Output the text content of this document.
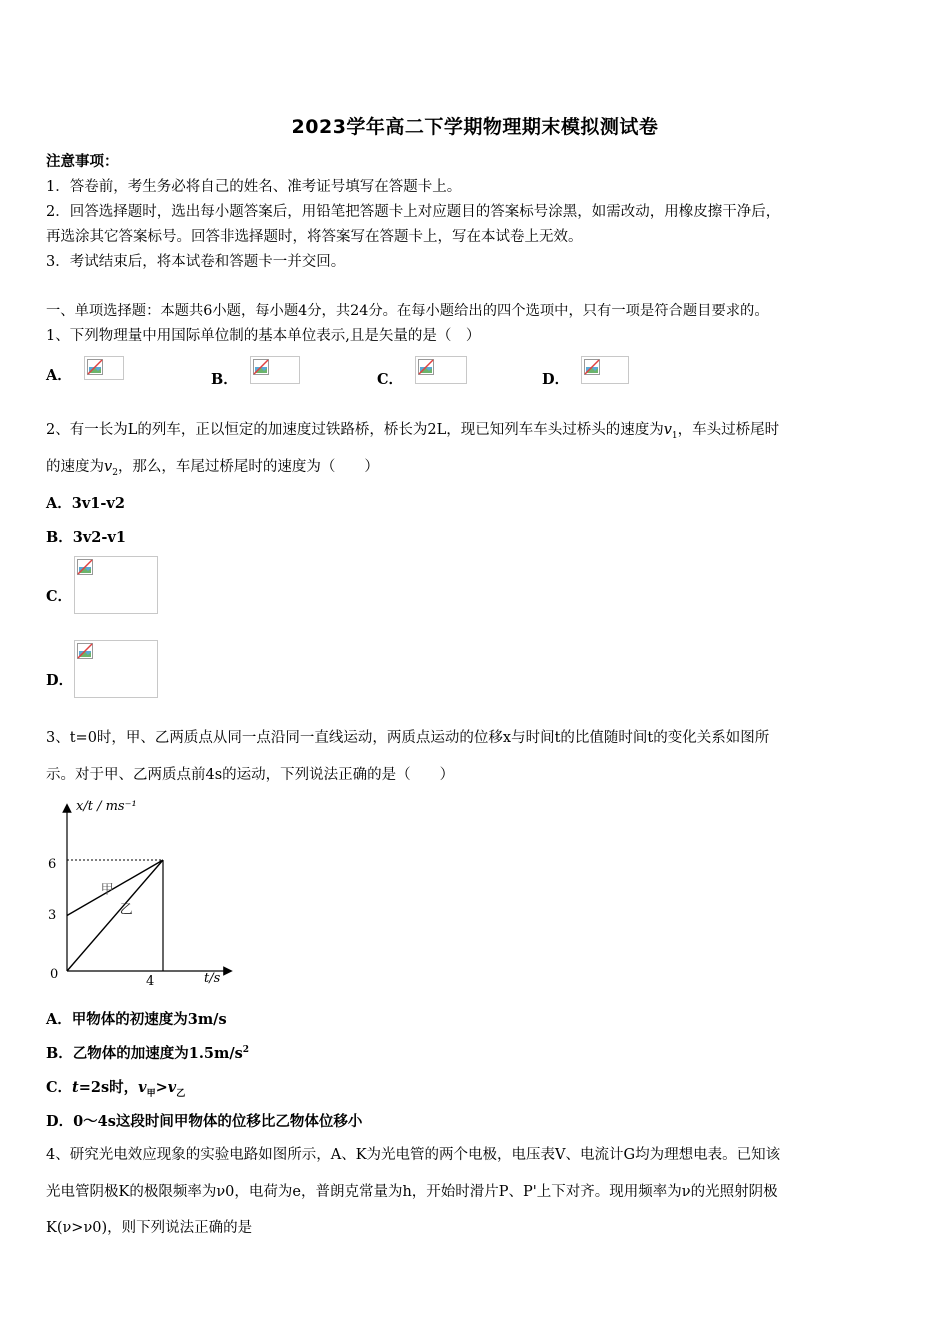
2023学年高二下学期物理期末模拟测试卷
注意事项：
1．答卷前，考生务必将自己的姓名、准考证号填写在答题卡上。
2．回答选择题时，选出每小题答案后，用铅笔把答题卡上对应题目的答案标号涂黑，如需改动，用橡皮擦干净后，
再选涂其它答案标号。回答非选择题时，将答案写在答题卡上，写在本试卷上无效。
3．考试结束后，将本试卷和答题卡一并交回。
一、单项选择题：本题共6小题，每小题4分，共24分。在每小题给出的四个选项中，只有一项是符合题目要求的。
1、下列物理量中用国际单位制的基本单位表示,且是矢量的是（　）
A．	B．	C．	D．
2、有一长为L的列车，正以恒定的加速度过铁路桥，桥长为2L，现已知列车车头过桥头的速度为$v_1$，车头过桥尾时
的速度为$v_2$，那么，车尾过桥尾时的速度为（　　）
A．3v1-v2
B．3v2-v1
C．
D．
3、t=0时，甲、乙两质点从同一点沿同一直线运动，两质点运动的位移x与时间t的比值随时间t的变化关系如图所
示。对于甲、乙两质点前4s的运动，下列说法正确的是（　　）
x/t / ms⁻¹
t/s
6
3
0	4
甲
乙
A．甲物体的初速度为3m/s
B．乙物体的加速度为$1.5m/s^2$
C．t=2s时，$v_甲>v_乙$
D．0～4s这段时间甲物体的位移比乙物体位移小
4、研究光电效应现象的实验电路如图所示，A、K为光电管的两个电极，电压表V、电流计G均为理想电表。已知该
光电管阴极K的极限频率为ν0，电荷为e，普朗克常量为h，开始时滑片P、P'上下对齐。现用频率为ν的光照射阴极
K(ν>ν0)，则下列说法正确的是
